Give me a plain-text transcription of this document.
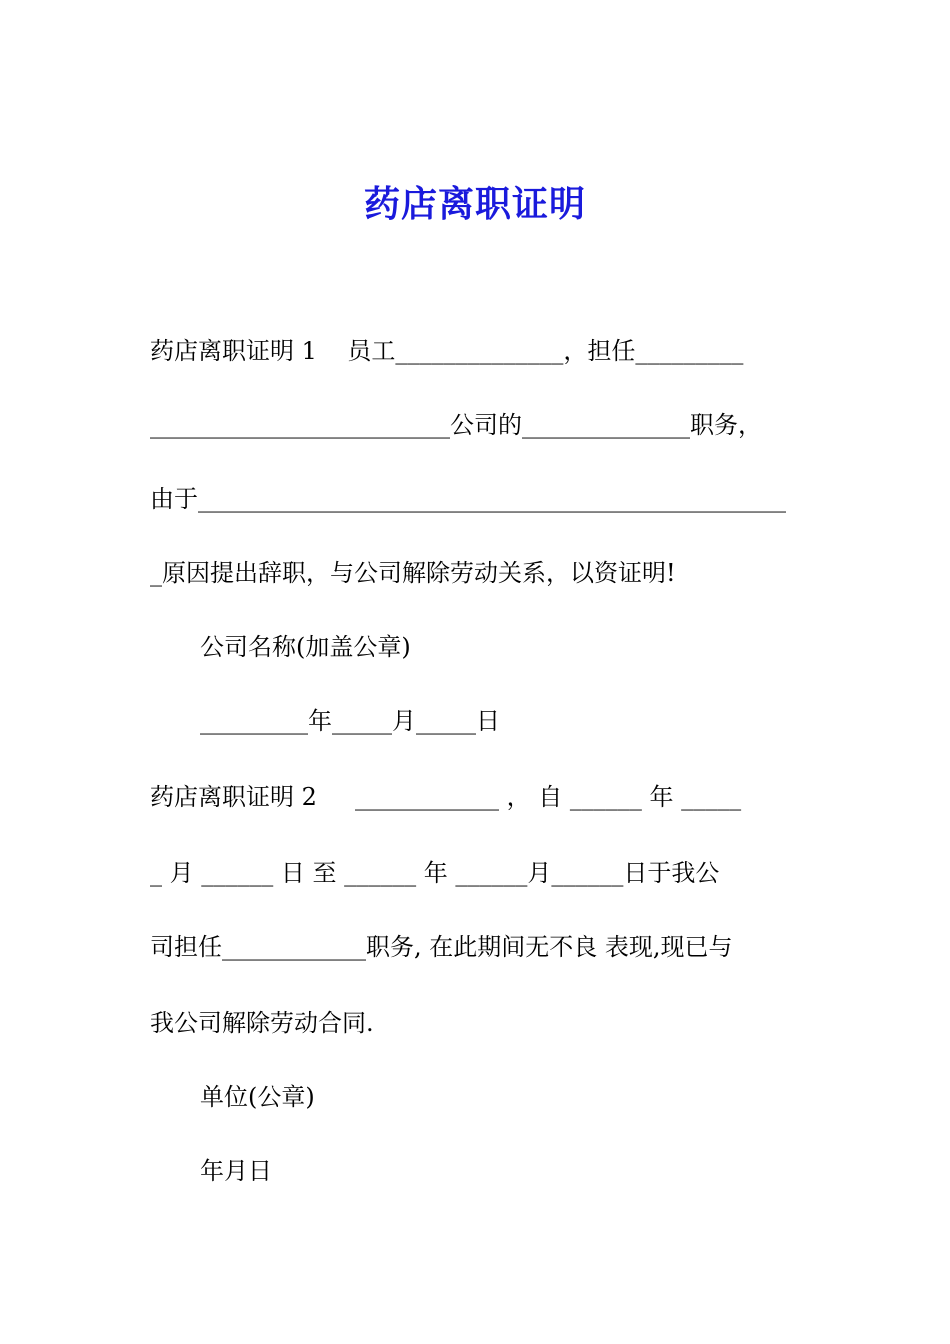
药店离职证明
药店离职证明 1    员工______________，担任_________
_________________________公司的______________职务，
由于_________________________________________________
_原因提出辞职，与公司解除劳动关系，以资证明!
公司名称(加盖公章)
_________年_____月_____日
药店离职证明 2     ____________ ， 自 ______ 年 _____
_ 月 ______ 日 至 ______ 年 ______月______日于我公
司担任____________职务, 在此期间无不良 表现,现已与
我公司解除劳动合同.
单位(公章)
年月日
